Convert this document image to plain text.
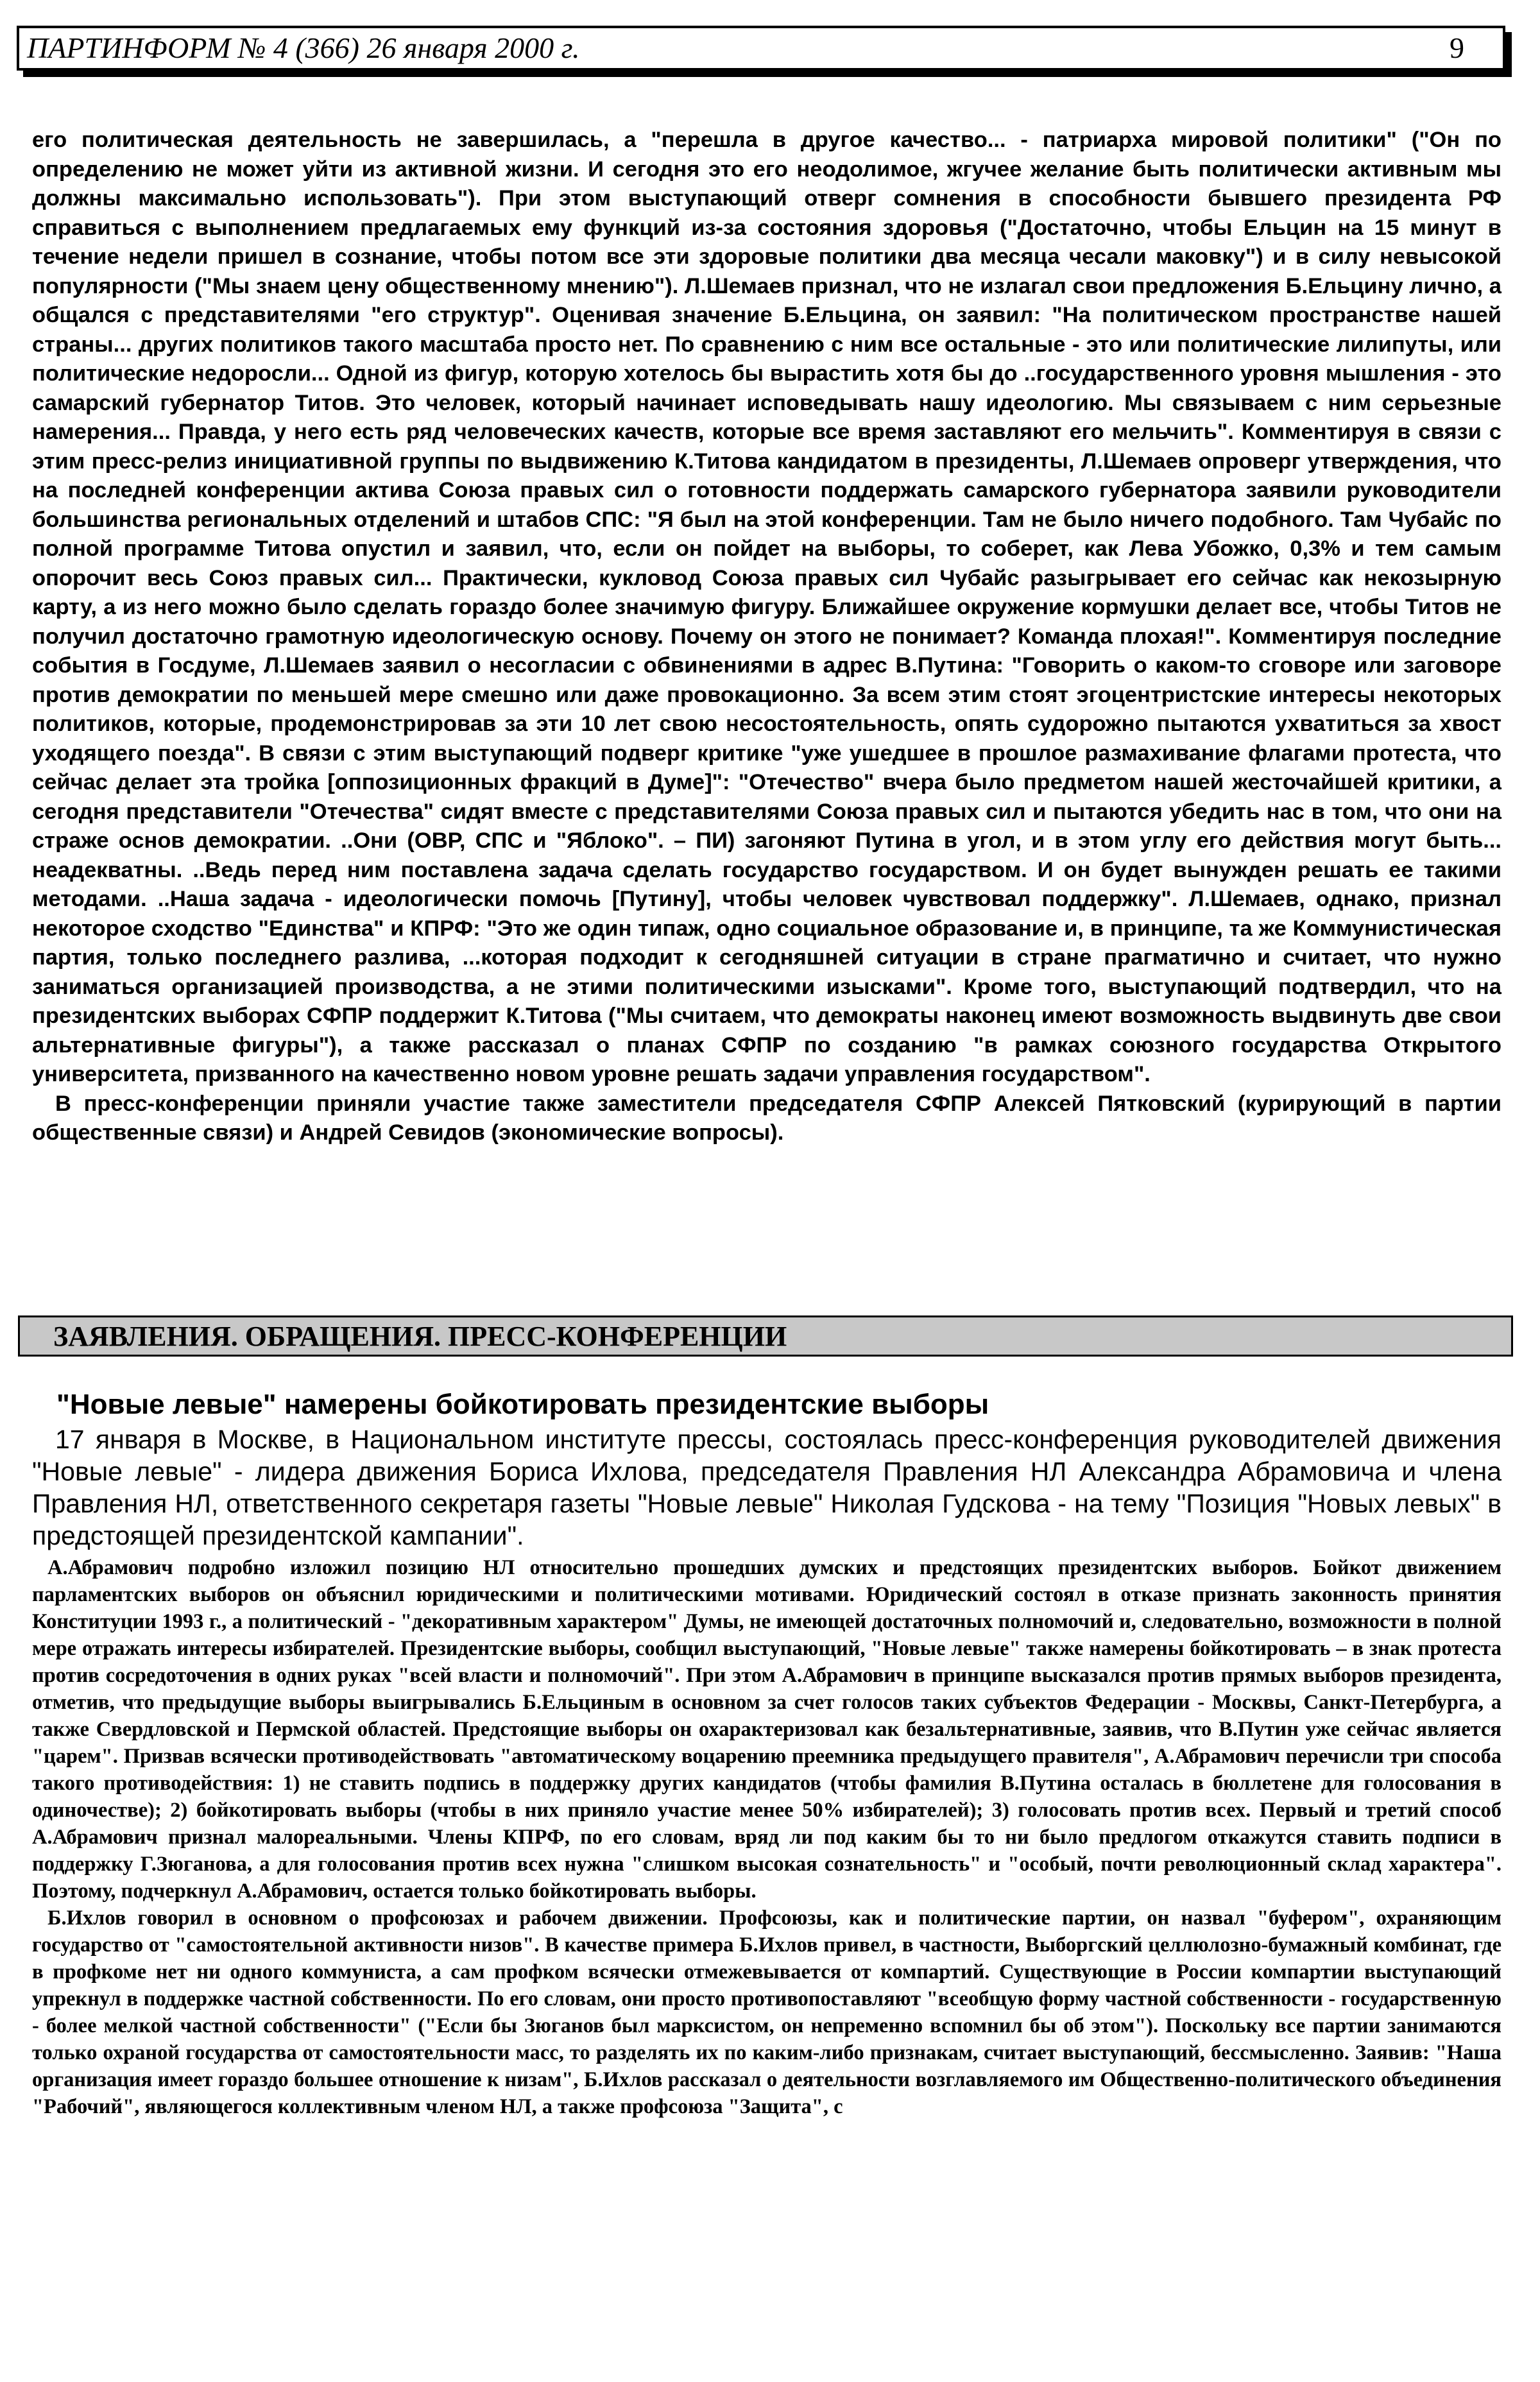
ПАРТИНФОРМ № 4 (366) 26 января 2000 г.	9

его политическая деятельность не завершилась, а "перешла в другое качество... - патриарха мировой политики" ("Он по определению не может уйти из активной жизни. И сегодня это его неодолимое, жгучее желание быть политически активным мы должны максимально использовать"). При этом выступающий отверг сомнения в способности бывшего президента РФ справиться с выполнением предлагаемых ему функций из-за состояния здоровья ("Достаточно, чтобы Ельцин на 15 минут в течение недели пришел в сознание, чтобы потом все эти здоровые политики два месяца чесали маковку") и в силу невысокой популярности ("Мы знаем цену общественному мнению"). Л.Шемаев признал, что не излагал свои предложения Б.Ельцину лично, а общался с представителями "его структур". Оценивая значение Б.Ельцина, он заявил: "На политическом пространстве нашей страны... других политиков такого масштаба просто нет. По сравнению с ним все остальные - это или политические лилипуты, или политические недоросли... Одной из фигур, которую хотелось бы вырастить хотя бы до ..государственного уровня мышления - это самарский губернатор Титов. Это человек, который начинает исповедывать нашу идеологию. Мы связываем с ним серьезные намерения... Правда, у него есть ряд человеческих качеств, которые все время заставляют его мельчить". Комментируя в связи с этим пресс-релиз инициативной группы по выдвижению К.Титова кандидатом в президенты, Л.Шемаев опроверг утверждения, что на последней конференции актива Союза правых сил о готовности поддержать самарского губернатора заявили руководители большинства региональных отделений и штабов СПС: "Я был на этой конференции. Там не было ничего подобного. Там Чубайс по полной программе Титова опустил и заявил, что, если он пойдет на выборы, то соберет, как Лева Убожко, 0,3% и тем самым опорочит весь Союз правых сил... Практически, кукловод Союза правых сил Чубайс разыгрывает его сейчас как некозырную карту, а из него можно было сделать гораздо более значимую фигуру. Ближайшее окружение кормушки делает все, чтобы Титов не получил достаточно грамотную идеологическую основу. Почему он этого не понимает? Команда плохая!". Комментируя последние события в Госдуме, Л.Шемаев заявил о несогласии с обвинениями в адрес В.Путина: "Говорить о каком-то сговоре или заговоре против демократии по меньшей мере смешно или даже провокационно. За всем этим стоят эгоцентристские интересы некоторых политиков, которые, продемонстрировав за эти 10 лет свою несостоятельность, опять судорожно пытаются ухватиться за хвост уходящего поезда". В связи с этим выступающий подверг критике "уже ушедшее в прошлое размахивание флагами протеста, что сейчас делает эта тройка [оппозиционных фракций в Думе]": "Отечество" вчера было предметом нашей жесточайшей критики, а сегодня представители "Отечества" сидят вместе с представителями Союза правых сил и пытаются убедить нас в том, что они на страже основ демократии. ..Они (ОВР, СПС и "Яблоко". – ПИ) загоняют Путина в угол, и в этом углу его действия могут быть... неадекватны. ..Ведь перед ним поставлена задача сделать государство государством. И он будет вынужден решать ее такими методами. ..Наша задача - идеологически помочь [Путину], чтобы человек чувствовал поддержку". Л.Шемаев, однако, признал некоторое сходство "Единства" и КПРФ: "Это же один типаж, одно социальное образование и, в принципе, та же Коммунистическая партия, только последнего разлива, ...которая подходит к сегодняшней ситуации в стране прагматично и считает, что нужно заниматься организацией производства, а не этими политическими изысками". Кроме того, выступающий подтвердил, что на президентских выборах СФПР поддержит К.Титова ("Мы считаем, что демократы наконец имеют возможность выдвинуть две свои альтернативные фигуры"), а также рассказал о планах СФПР по созданию "в рамках союзного государства Открытого университета, призванного на качественно новом уровне решать задачи управления государством".

В пресс-конференции приняли участие также заместители председателя СФПР Алексей Пятковский (курирующий в партии общественные связи) и Андрей Севидов (экономические вопросы).

ЗАЯВЛЕНИЯ. ОБРАЩЕНИЯ. ПРЕСС-КОНФЕРЕНЦИИ
"Новые левые" намерены бойкотировать президентские выборы

17 января в Москве, в Национальном институте прессы, состоялась пресс-конференция руководителей движения "Новые левые" - лидера движения Бориса Ихлова, председателя Правления НЛ Александра Абрамовича и члена Правления НЛ, ответственного секретаря газеты "Новые левые" Николая Гудскова - на тему "Позиция "Новых левых" в предстоящей президентской кампании".

А.Абрамович подробно изложил позицию НЛ относительно прошедших думских и предстоящих президентских выборов. Бойкот движением парламентских выборов он объяснил юридическими и политическими мотивами. Юридический состоял в отказе признать законность принятия Конституции 1993 г., а политический - "декоративным характером" Думы, не имеющей достаточных полномочий и, следовательно, возможности в полной мере отражать интересы избирателей. Президентские выборы, сообщил выступающий, "Новые левые" также намерены бойкотировать – в знак протеста против сосредоточения в одних руках "всей власти и полномочий". При этом А.Абрамович в принципе высказался против прямых выборов президента, отметив, что предыдущие выборы выигрывались Б.Ельциным в основном за счет голосов таких субъектов Федерации - Москвы, Санкт-Петербурга, а также Свердловской и Пермской областей. Предстоящие выборы он охарактеризовал как безальтернативные, заявив, что В.Путин уже сейчас является "царем". Призвав всячески противодействовать "автоматическому воцарению преемника предыдущего правителя", А.Абрамович перечисли три способа такого противодействия: 1) не ставить подпись в поддержку других кандидатов (чтобы фамилия В.Путина осталась в бюллетене для голосования в одиночестве); 2) бойкотировать выборы (чтобы в них приняло участие менее 50% избирателей); 3) голосовать против всех. Первый и третий способ А.Абрамович признал малореальными. Члены КПРФ, по его словам, вряд ли под каким бы то ни было предлогом откажутся ставить подписи в поддержку Г.Зюганова, а для голосования против всех нужна "слишком высокая сознательность" и "особый, почти революционный склад характера". Поэтому, подчеркнул А.Абрамович, остается только бойкотировать выборы.

Б.Ихлов говорил в основном о профсоюзах и рабочем движении. Профсоюзы, как и политические партии, он назвал "буфером", охраняющим государство от "самостоятельной активности низов". В качестве примера Б.Ихлов привел, в частности, Выборгский целлюлозно-бумажный комбинат, где в профкоме нет ни одного коммуниста, а сам профком всячески отмежевывается от компартий. Существующие в России компартии выступающий упрекнул в поддержке частной собственности. По его словам, они просто противопоставляют "всеобщую форму частной собственности - государственную - более мелкой частной собственности" ("Если бы Зюганов был марксистом, он непременно вспомнил бы об этом"). Поскольку все партии занимаются только охраной государства от самостоятельности масс, то разделять их по каким-либо признакам, считает выступающий, бессмысленно. Заявив: "Наша организация имеет гораздо большее отношение к низам", Б.Ихлов рассказал о деятельности возглавляемого им Общественно-политического объединения "Рабочий", являющегося коллективным членом НЛ, а также профсоюза "Защита", с
